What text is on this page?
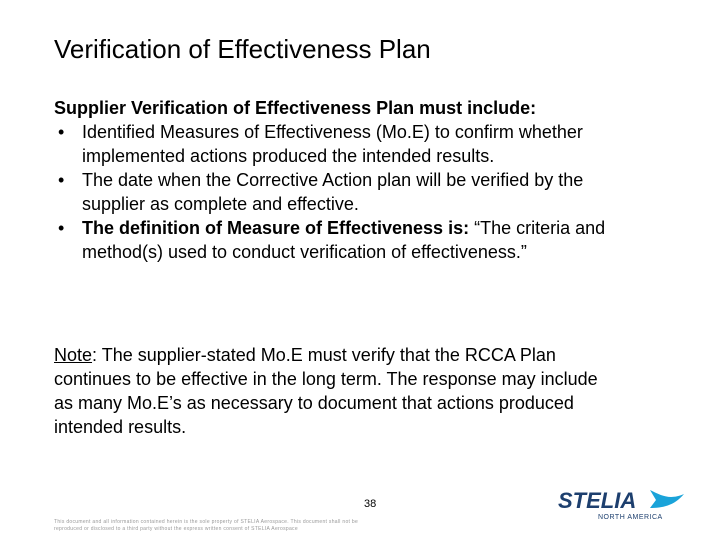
Verification of Effectiveness Plan
Supplier Verification of Effectiveness Plan must include:
• Identified Measures of Effectiveness (Mo.E) to confirm whether
implemented actions produced the intended results.
• The date when the Corrective Action plan will be verified by the
supplier as complete and effective.
• The definition of Measure of Effectiveness is: “The criteria and
method(s) used to conduct verification of effectiveness.”
Note: The supplier-stated Mo.E must verify that the RCCA Plan
continues to be effective in the long term. The response may include
as many Mo.E’s as necessary to document that actions produced
intended results.
38
This document and all information contained herein is the sole property of STELIA Aerospace. This document shall not be
reproduced or disclosed to a third party without the express written consent of STELIA Aerospace
STELIA
NORTH AMERICA
